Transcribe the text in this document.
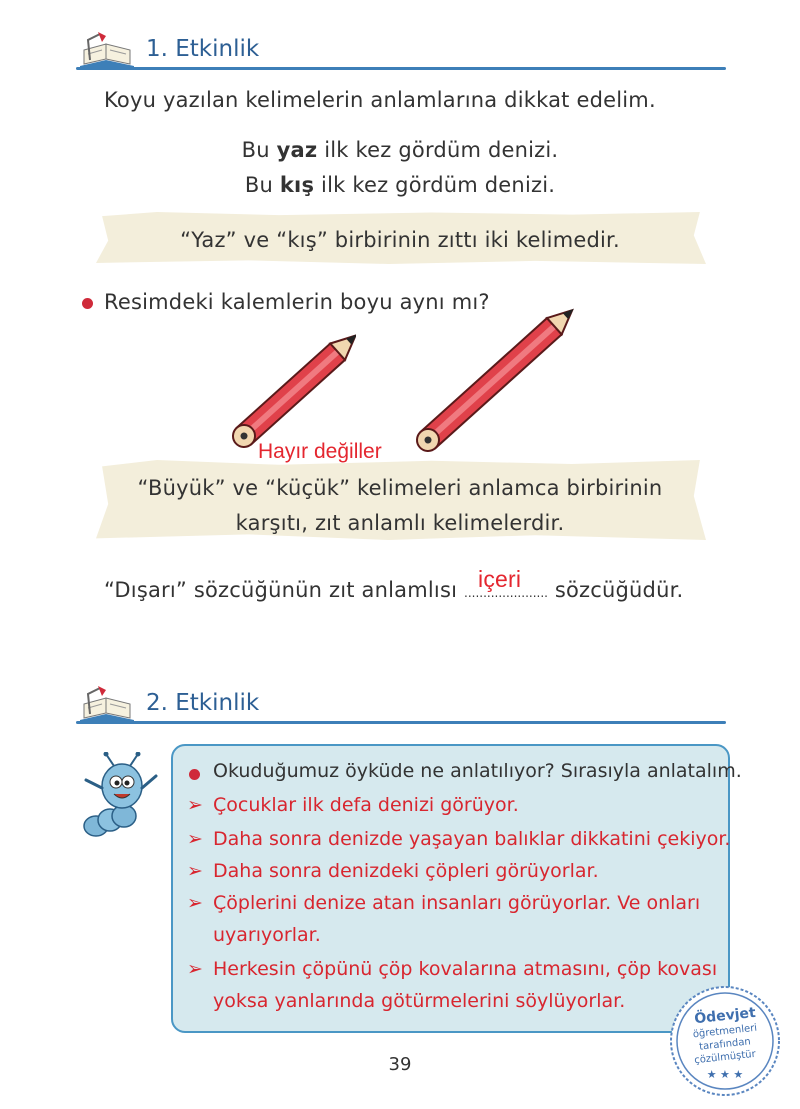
1. Etkinlik
Koyu yazılan kelimelerin anlamlarına dikkat edelim.
Bu yaz ilk kez gördüm denizi.
Bu kış ilk kez gördüm denizi.
“Yaz” ve “kış” birbirinin zıttı iki kelimedir.
Resimdeki kalemlerin boyu aynı mı?
Hayır değiller
“Büyük” ve “küçük” kelimeleri anlamca birbirinin
karşıtı, zıt anlamlı kelimelerdir.
“Dışarı” sözcüğünün zıt anlamlısı ......................
içeri sözcüğüdür.
2. Etkinlik
Okuduğumuz öyküde ne anlatılıyor? Sırasıyla anlatalım.
➢ Çocuklar ilk defa denizi görüyor.
➢ Daha sonra denizde yaşayan balıklar dikkatini çekiyor.
➢ Daha sonra denizdeki çöpleri görüyorlar.
➢ Çöplerini denize atan insanları görüyorlar. Ve onları
uyarıyorlar.
➢ Herkesin çöpünü çöp kovalarına atmasını, çöp kovası
yoksa yanlarında götürmelerini söylüyorlar.
39
Ödevjet
öğretmenleri
tarafından
çözülmüştür
★ ★ ★
